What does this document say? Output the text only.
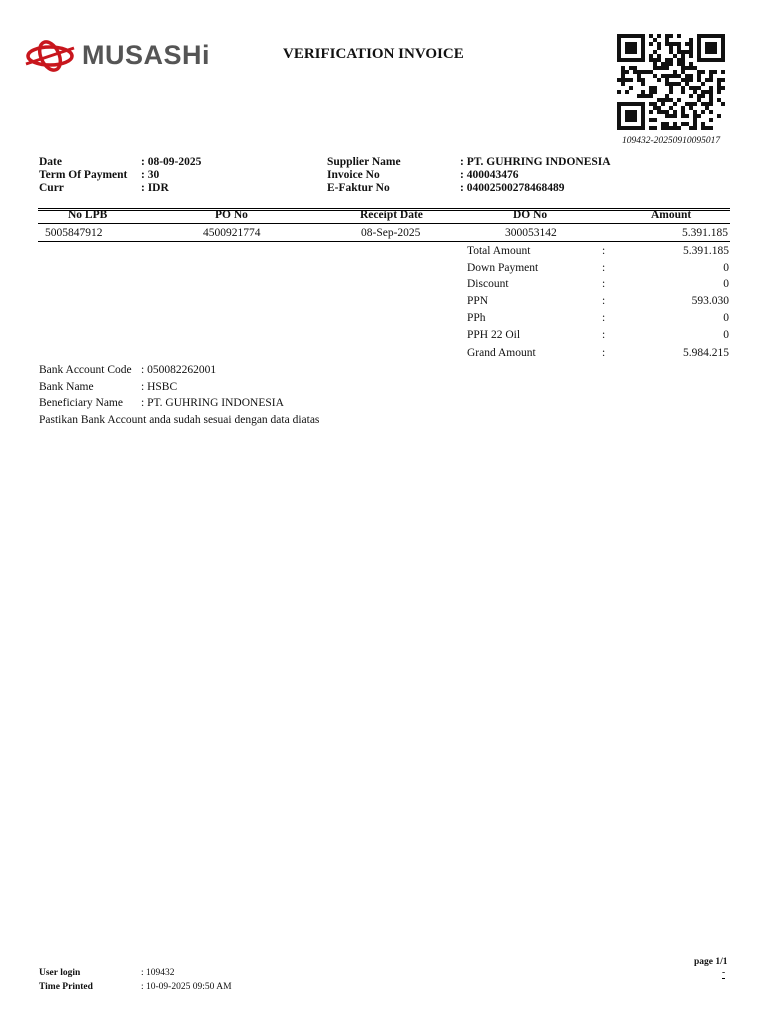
MUSASHi	VERIFICATION INVOICE
109432-20250910095017
Date	: 08-09-2025
Term Of Payment : 30
Curr	: IDR
Supplier Name	: PT. GUHRING INDONESIA
Invoice No	: 400043476
E-Faktur No	: 04002500278468489
No LPB	PO No	Receipt Date	DO No	Amount
5005847912	4500921774	08-Sep-2025	300053142	5.391.185
Total Amount	:	5.391.185
Down Payment	:	0
Discount	:	0
PPN	:	593.030
PPh	:	0
PPH 22 Oil	:	0
Grand Amount	:	5.984.215
Bank Account Code : 050082262001
Bank Name	: HSBC
Beneficiary Name : PT. GUHRING INDONESIA
Pastikan Bank Account anda sudah sesuai dengan data diatas
page 1/1
-
User login	: 109432
Time Printed	: 10-09-2025 09:50 AM
